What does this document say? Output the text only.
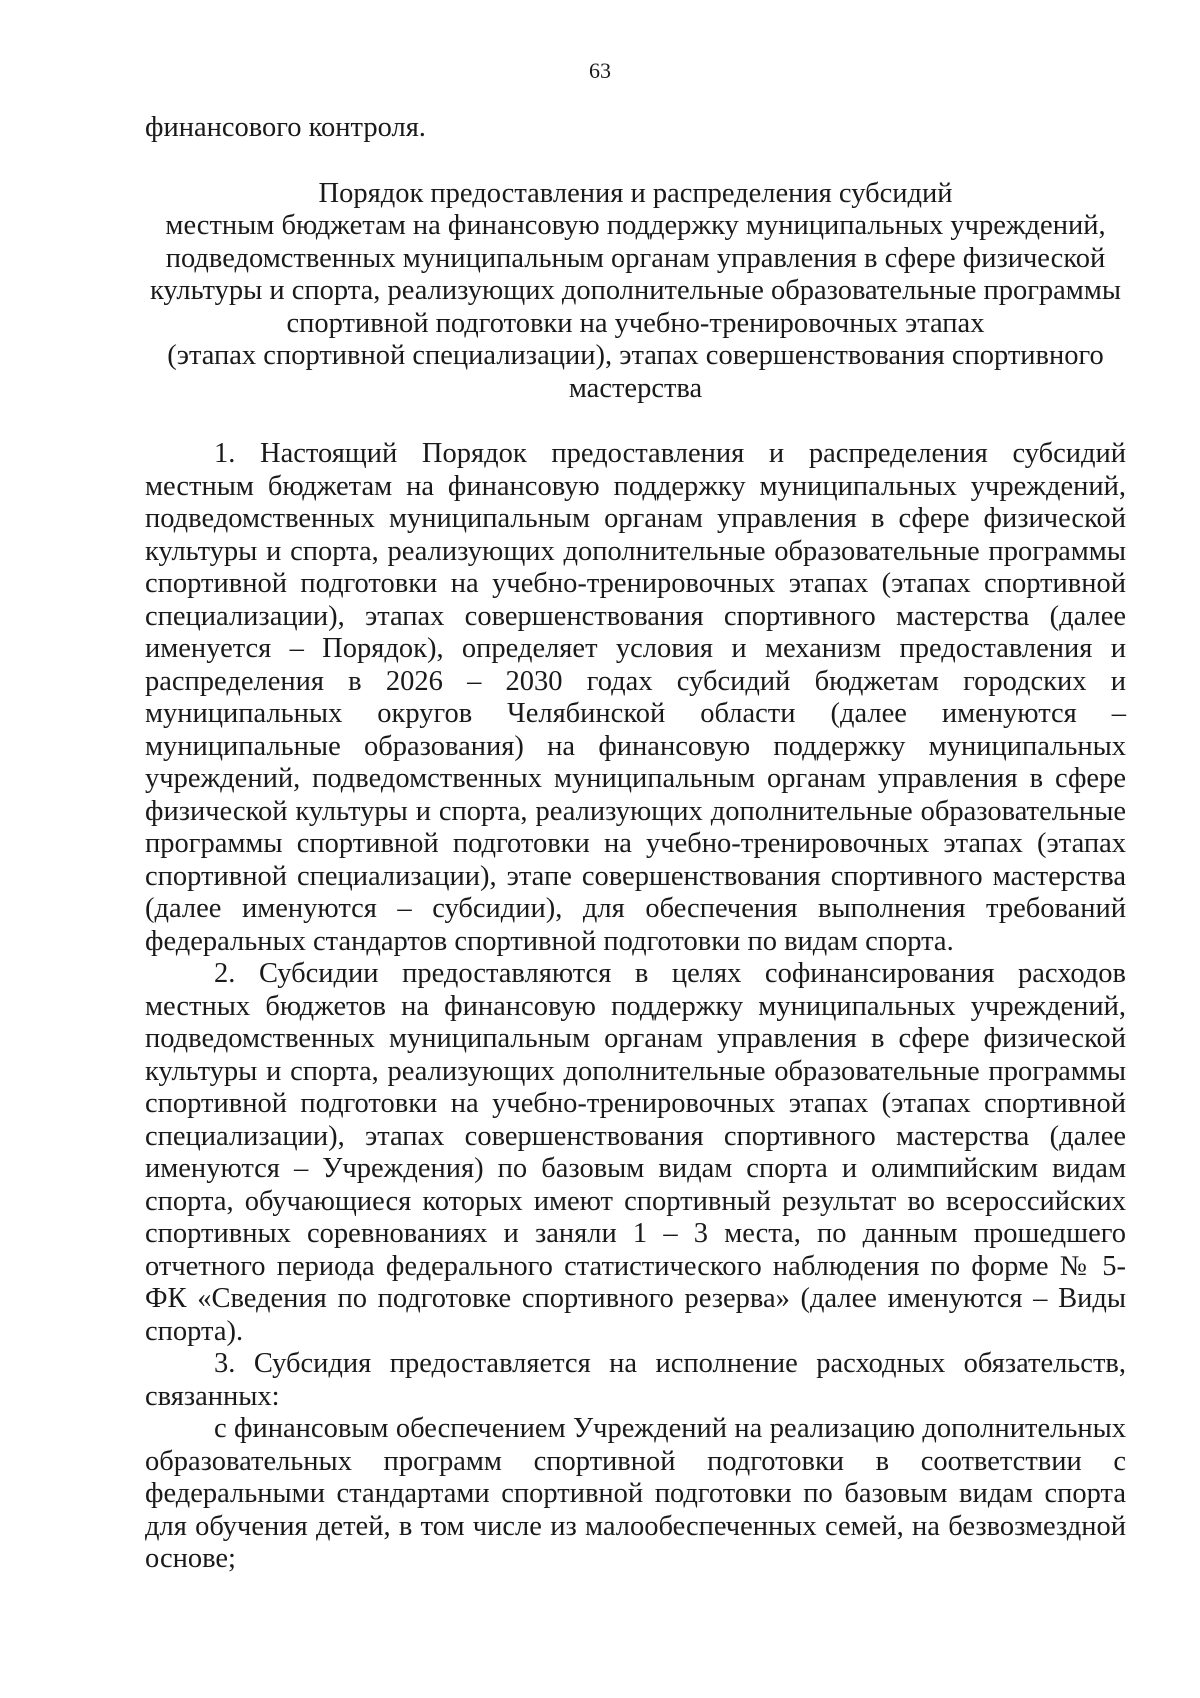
63

финансового контроля.

Порядок предоставления и распределения субсидий
местным бюджетам на финансовую поддержку муниципальных учреждений,
подведомственных муниципальным органам управления в сфере физической
культуры и спорта, реализующих дополнительные образовательные программы
спортивной подготовки на учебно-тренировочных этапах
(этапах спортивной специализации), этапах совершенствования спортивного
мастерства

1. Настоящий Порядок предоставления и распределения субсидий местным бюджетам на финансовую поддержку муниципальных учреждений, подведомственных муниципальным органам управления в сфере физической культуры и спорта, реализующих дополнительные образовательные программы спортивной подготовки на учебно-тренировочных этапах (этапах спортивной специализации), этапах совершенствования спортивного мастерства (далее именуется – Порядок), определяет условия и механизм предоставления и распределения в 2026 – 2030 годах субсидий бюджетам городских и муниципальных округов Челябинской области (далее именуются – муниципальные образования) на финансовую поддержку муниципальных учреждений, подведомственных муниципальным органам управления в сфере физической культуры и спорта, реализующих дополнительные образовательные программы спортивной подготовки на учебно-тренировочных этапах (этапах спортивной специализации), этапе совершенствования спортивного мастерства (далее именуются – субсидии), для обеспечения выполнения требований федеральных стандартов спортивной подготовки по видам спорта.

2. Субсидии предоставляются в целях софинансирования расходов местных бюджетов на финансовую поддержку муниципальных учреждений, подведомственных муниципальным органам управления в сфере физической культуры и спорта, реализующих дополнительные образовательные программы спортивной подготовки на учебно-тренировочных этапах (этапах спортивной специализации), этапах совершенствования спортивного мастерства (далее именуются – Учреждения) по базовым видам спорта и олимпийским видам спорта, обучающиеся которых имеют спортивный результат во всероссийских спортивных соревнованиях и заняли 1 – 3 места, по данным прошедшего отчетного периода федерального статистического наблюдения по форме № 5-ФК «Сведения по подготовке спортивного резерва» (далее именуются – Виды спорта).

3. Субсидия предоставляется на исполнение расходных обязательств, связанных:

с финансовым обеспечением Учреждений на реализацию дополнительных образовательных программ спортивной подготовки в соответствии с федеральными стандартами спортивной подготовки по базовым видам спорта для обучения детей, в том числе из малообеспеченных семей, на безвозмездной основе;
